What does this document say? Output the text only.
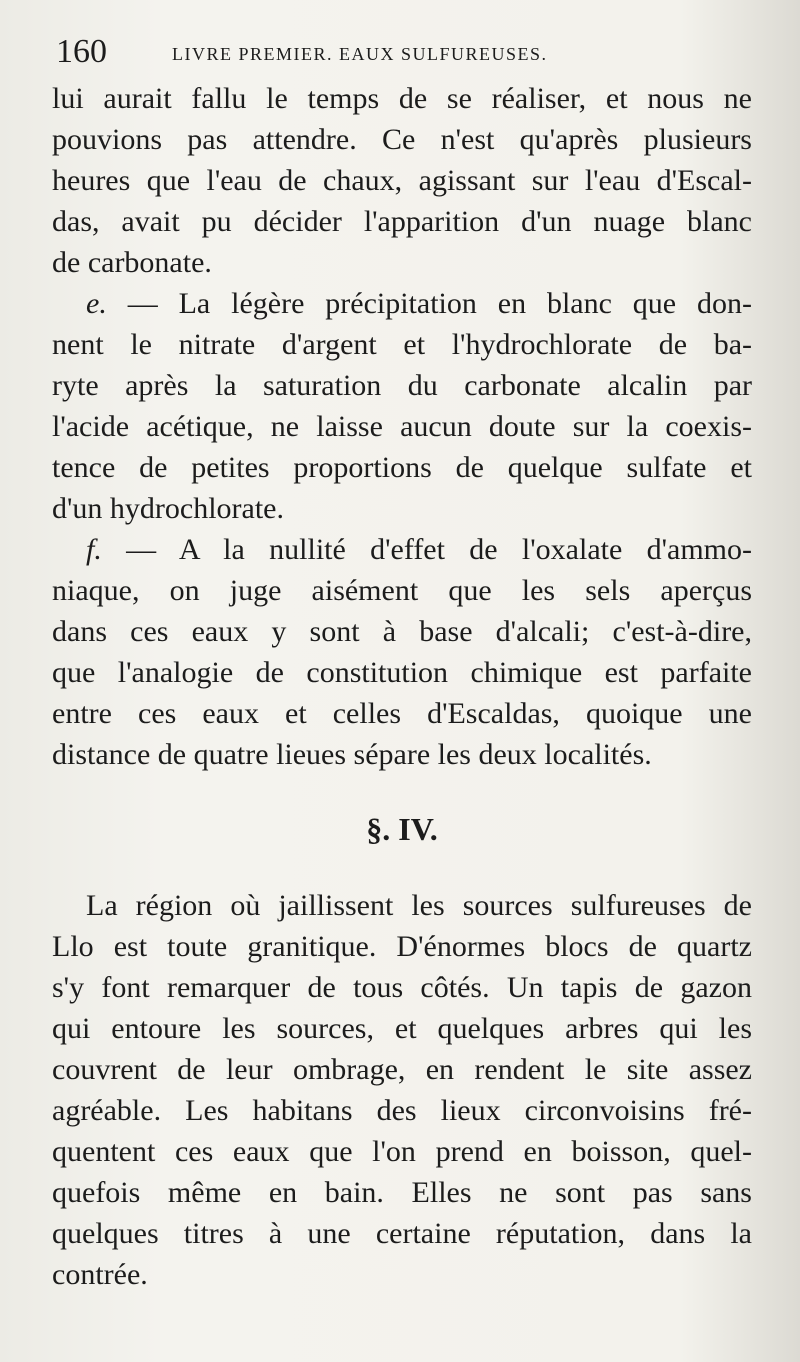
160	LIVRE PREMIER. EAUX SULFUREUSES.

lui aurait fallu le temps de se réaliser, et nous ne
pouvions pas attendre. Ce n'est qu'après plusieurs
heures que l'eau de chaux, agissant sur l'eau d'Escal-
das, avait pu décider l'apparition d'un nuage blanc
de carbonate.

e. — La légère précipitation en blanc que don-
nent le nitrate d'argent et l'hydrochlorate de ba-
ryte après la saturation du carbonate alcalin par
l'acide acétique, ne laisse aucun doute sur la coexis-
tence de petites proportions de quelque sulfate et
d'un hydrochlorate.

f. — A la nullité d'effet de l'oxalate d'ammo-
niaque, on juge aisément que les sels aperçus
dans ces eaux y sont à base d'alcali; c'est-à-dire,
que l'analogie de constitution chimique est parfaite
entre ces eaux et celles d'Escaldas, quoique une
distance de quatre lieues sépare les deux localités.

§. IV.

La région où jaillissent les sources sulfureuses de
Llo est toute granitique. D'énormes blocs de quartz
s'y font remarquer de tous côtés. Un tapis de gazon
qui entoure les sources, et quelques arbres qui les
couvrent de leur ombrage, en rendent le site assez
agréable. Les habitans des lieux circonvoisins fré-
quentent ces eaux que l'on prend en boisson, quel-
quefois même en bain. Elles ne sont pas sans
quelques titres à une certaine réputation, dans la
contrée.
